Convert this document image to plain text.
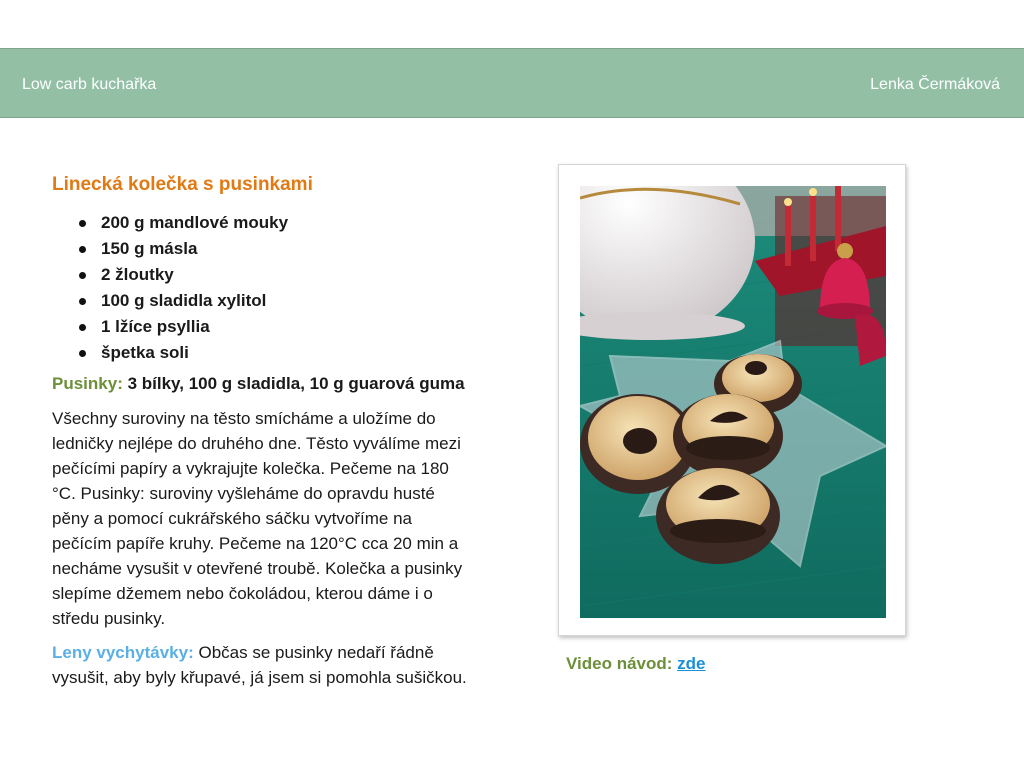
Low carb kuchařka	Lenka Čermáková
Linecká kolečka s pusinkami
200 g mandlové mouky
150 g másla
2 žloutky
100 g sladidla xylitol
1 lžíce psyllia
špetka soli
Pusinky: 3 bílky, 100 g sladidla, 10 g guarová guma

Všechny suroviny na těsto smícháme a uložíme do

ledničky nejlépe do druhého dne. Těsto vyválíme mezi

pečícími papíry a vykrajujte kolečka. Pečeme na 180

°C. Pusinky: suroviny vyšleháme do opravdu husté

pěny a pomocí cukrářského sáčku vytvoříme na

pečícím papíře kruhy. Pečeme na 120°C cca 20 min a

necháme vysušit v otevřené troubě. Kolečka a pusinky

slepíme džemem nebo čokoládou, kterou dáme i o

středu pusinky.

Leny vychytávky: Občas se pusinky nedaří řádně

vysušit, aby byly křupavé, já jsem si pomohla sušičkou.

Video návod: zde
